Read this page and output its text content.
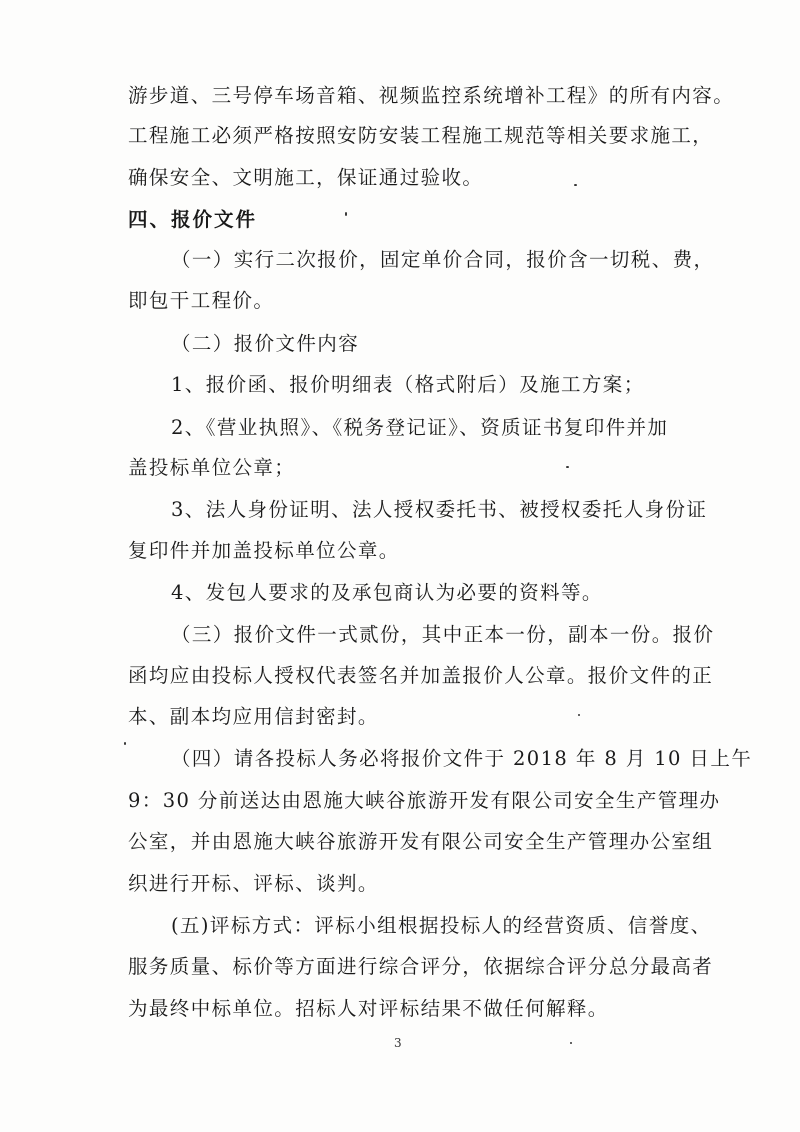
游步道、三号停车场音箱、视频监控系统增补工程》的所有内容。
工程施工必须严格按照安防安装工程施工规范等相关要求施工，
确保安全、文明施工，保证通过验收。
四、报价文件
（一）实行二次报价，固定单价合同，报价含一切税、费，
即包干工程价。
（二）报价文件内容
1、报价函、报价明细表（格式附后）及施工方案；
2、《营业执照》、《税务登记证》、资质证书复印件并加
盖投标单位公章；
3、法人身份证明、法人授权委托书、被授权委托人身份证
复印件并加盖投标单位公章。
4、发包人要求的及承包商认为必要的资料等。
（三）报价文件一式贰份，其中正本一份，副本一份。报价
函均应由投标人授权代表签名并加盖报价人公章。报价文件的正
本、副本均应用信封密封。
（四）请各投标人务必将报价文件于 2018 年 8 月 10 日上午
9：30 分前送达由恩施大峡谷旅游开发有限公司安全生产管理办
公室，并由恩施大峡谷旅游开发有限公司安全生产管理办公室组
织进行开标、评标、谈判。
(五)评标方式：评标小组根据投标人的经营资质、信誉度、
服务质量、标价等方面进行综合评分，依据综合评分总分最高者
为最终中标单位。招标人对评标结果不做任何解释。
3
